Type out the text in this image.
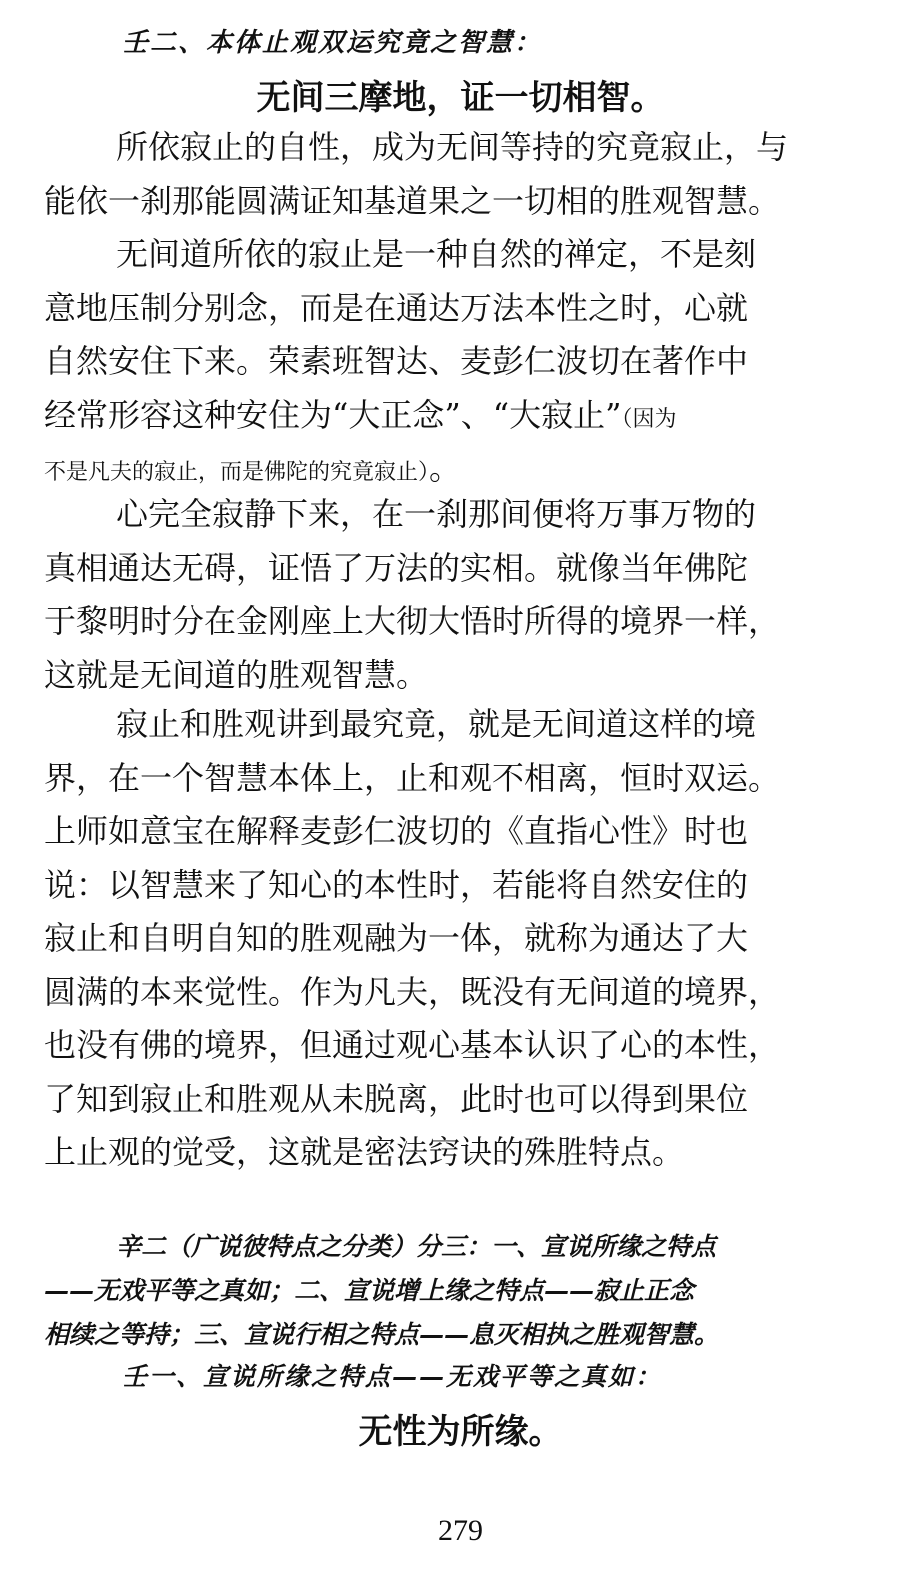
壬二、本体止观双运究竟之智慧：
无间三摩地，证一切相智。
所依寂止的自性，成为无间等持的究竟寂止，与
能依一刹那能圆满证知基道果之一切相的胜观智慧。
无间道所依的寂止是一种自然的禅定，不是刻
意地压制分别念，而是在通达万法本性之时，心就
自然安住下来。荣素班智达、麦彭仁波切在著作中
经常形容这种安住为“大正念”、“大寂止”（因为
不是凡夫的寂止，而是佛陀的究竟寂止）。
心完全寂静下来，在一刹那间便将万事万物的
真相通达无碍，证悟了万法的实相。就像当年佛陀
于黎明时分在金刚座上大彻大悟时所得的境界一样，
这就是无间道的胜观智慧。
寂止和胜观讲到最究竟，就是无间道这样的境
界，在一个智慧本体上，止和观不相离，恒时双运。
上师如意宝在解释麦彭仁波切的《直指心性》时也
说：以智慧来了知心的本性时，若能将自然安住的
寂止和自明自知的胜观融为一体，就称为通达了大
圆满的本来觉性。作为凡夫，既没有无间道的境界，
也没有佛的境界，但通过观心基本认识了心的本性，
了知到寂止和胜观从未脱离，此时也可以得到果位
上止观的觉受，这就是密法窍诀的殊胜特点。
辛二（广说彼特点之分类）分三：一、宣说所缘之特点
——无戏平等之真如；二、宣说增上缘之特点——寂止正念
相续之等持；三、宣说行相之特点——息灭相执之胜观智慧。
壬一、宣说所缘之特点——无戏平等之真如：
无性为所缘。
279
